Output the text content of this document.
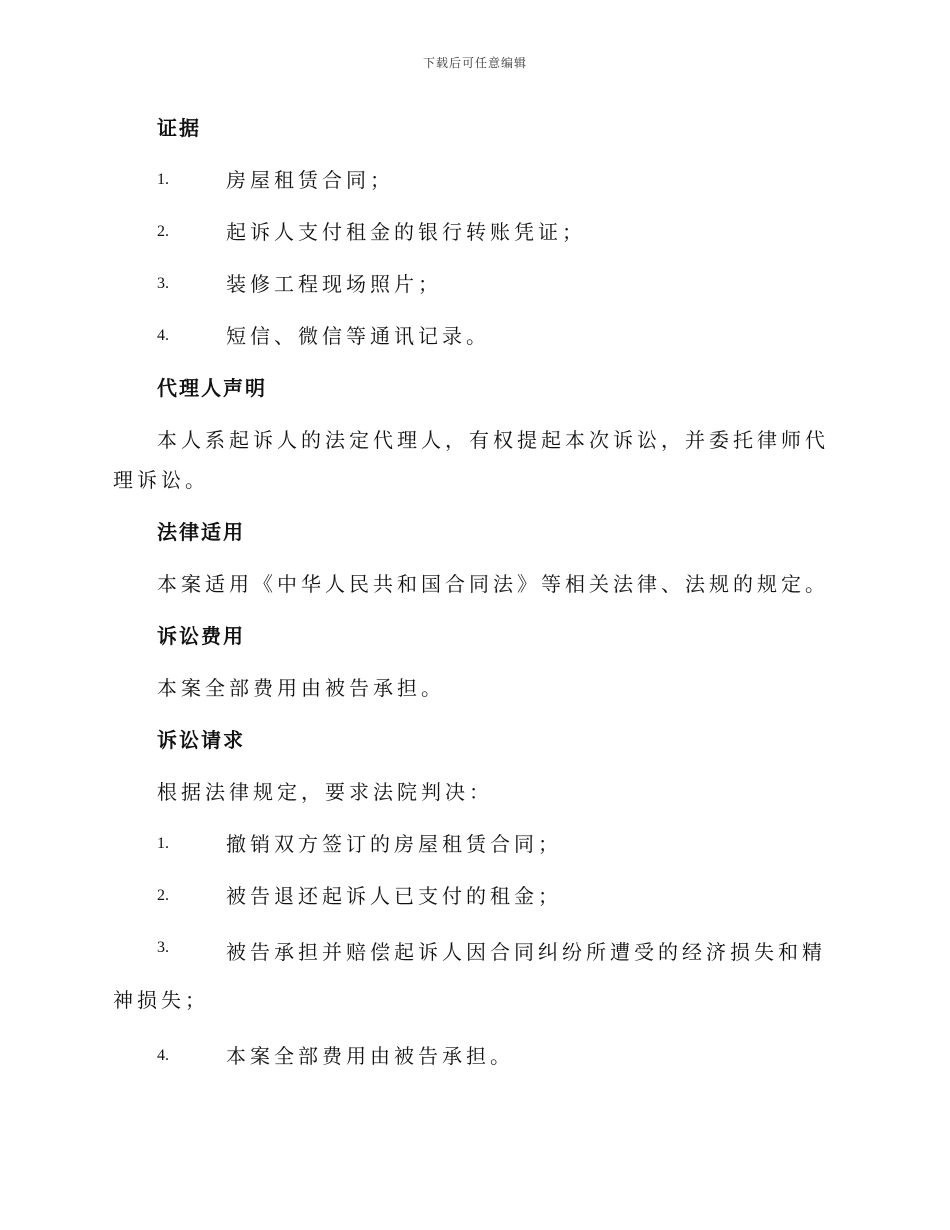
下载后可任意编辑
证据
1.	房屋租赁合同；
2.	起诉人支付租金的银行转账凭证；
3.	装修工程现场照片；
4.	短信、微信等通讯记录。
代理人声明

本人系起诉人的法定代理人，有权提起本次诉讼，并委托律师代理诉讼。

法律适用

本案适用《中华人民共和国合同法》等相关法律、法规的规定。

诉讼费用

本案全部费用由被告承担。

诉讼请求

根据法律规定，要求法院判决：

1.	撤销双方签订的房屋租赁合同；
2.	被告退还起诉人已支付的租金；
3.	被告承担并赔偿起诉人因合同纠纷所遭受的经济损失和精神损失；
4.	本案全部费用由被告承担。
